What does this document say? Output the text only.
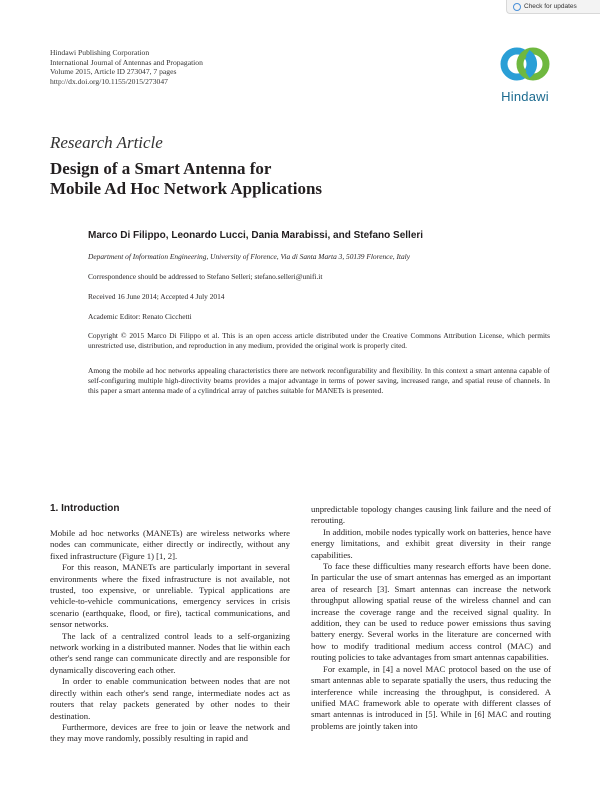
Check for updates
Hindawi Publishing Corporation
International Journal of Antennas and Propagation
Volume 2015, Article ID 273047, 7 pages
http://dx.doi.org/10.1155/2015/273047
Hindawi
Research Article
Design of a Smart Antenna for
Mobile Ad Hoc Network Applications
Marco Di Filippo, Leonardo Lucci, Dania Marabissi, and Stefano Selleri
Department of Information Engineering, University of Florence, Via di Santa Marta 3, 50139 Florence, Italy
Correspondence should be addressed to Stefano Selleri; stefano.selleri@unifi.it
Received 16 June 2014; Accepted 4 July 2014
Academic Editor: Renato Cicchetti
Copyright © 2015 Marco Di Filippo et al. This is an open access article distributed under the Creative Commons Attribution License, which permits unrestricted use, distribution, and reproduction in any medium, provided the original work is properly cited.
Among the mobile ad hoc networks appealing characteristics there are network reconfigurability and flexibility. In this context a smart antenna capable of self-configuring multiple high-directivity beams provides a major advantage in terms of power saving, increased range, and spatial reuse of channels. In this paper a smart antenna made of a cylindrical array of patches suitable for MANETs is presented.
1. Introduction

Mobile ad hoc networks (MANETs) are wireless networks where nodes can communicate, either directly or indirectly, without any fixed infrastructure (Figure 1) [1, 2].

For this reason, MANETs are particularly important in several environments where the fixed infrastructure is not available, not trusted, too expensive, or unreliable. Typical applications are vehicle-to-vehicle communications, emergency services in crisis scenario (earthquake, flood, or fire), tactical communications, and sensor networks.

The lack of a centralized control leads to a self-organizing network working in a distributed manner. Nodes that lie within each other's send range can communicate directly and are responsible for dynamically discovering each other.

In order to enable communication between nodes that are not directly within each other's send range, intermediate nodes act as routers that relay packets generated by other nodes to their destination.

Furthermore, devices are free to join or leave the network and they may move randomly, possibly resulting in rapid and

unpredictable topology changes causing link failure and the need of rerouting.

In addition, mobile nodes typically work on batteries, hence have energy limitations, and exhibit great diversity in their range capabilities.

To face these difficulties many research efforts have been done. In particular the use of smart antennas has emerged as an important area of research [3]. Smart antennas can increase the network throughput allowing spatial reuse of the wireless channel and can increase the coverage range and the received signal quality. In addition, they can be used to reduce power emissions thus saving battery energy. Several works in the literature are concerned with how to modify traditional medium access control (MAC) and routing policies to take advantages from smart antennas capabilities.

For example, in [4] a novel MAC protocol based on the use of smart antennas able to separate spatially the users, thus reducing the interference while increasing the throughput, is considered. A unified MAC framework able to operate with different classes of smart antennas is introduced in [5]. While in [6] MAC and routing problems are jointly taken into
